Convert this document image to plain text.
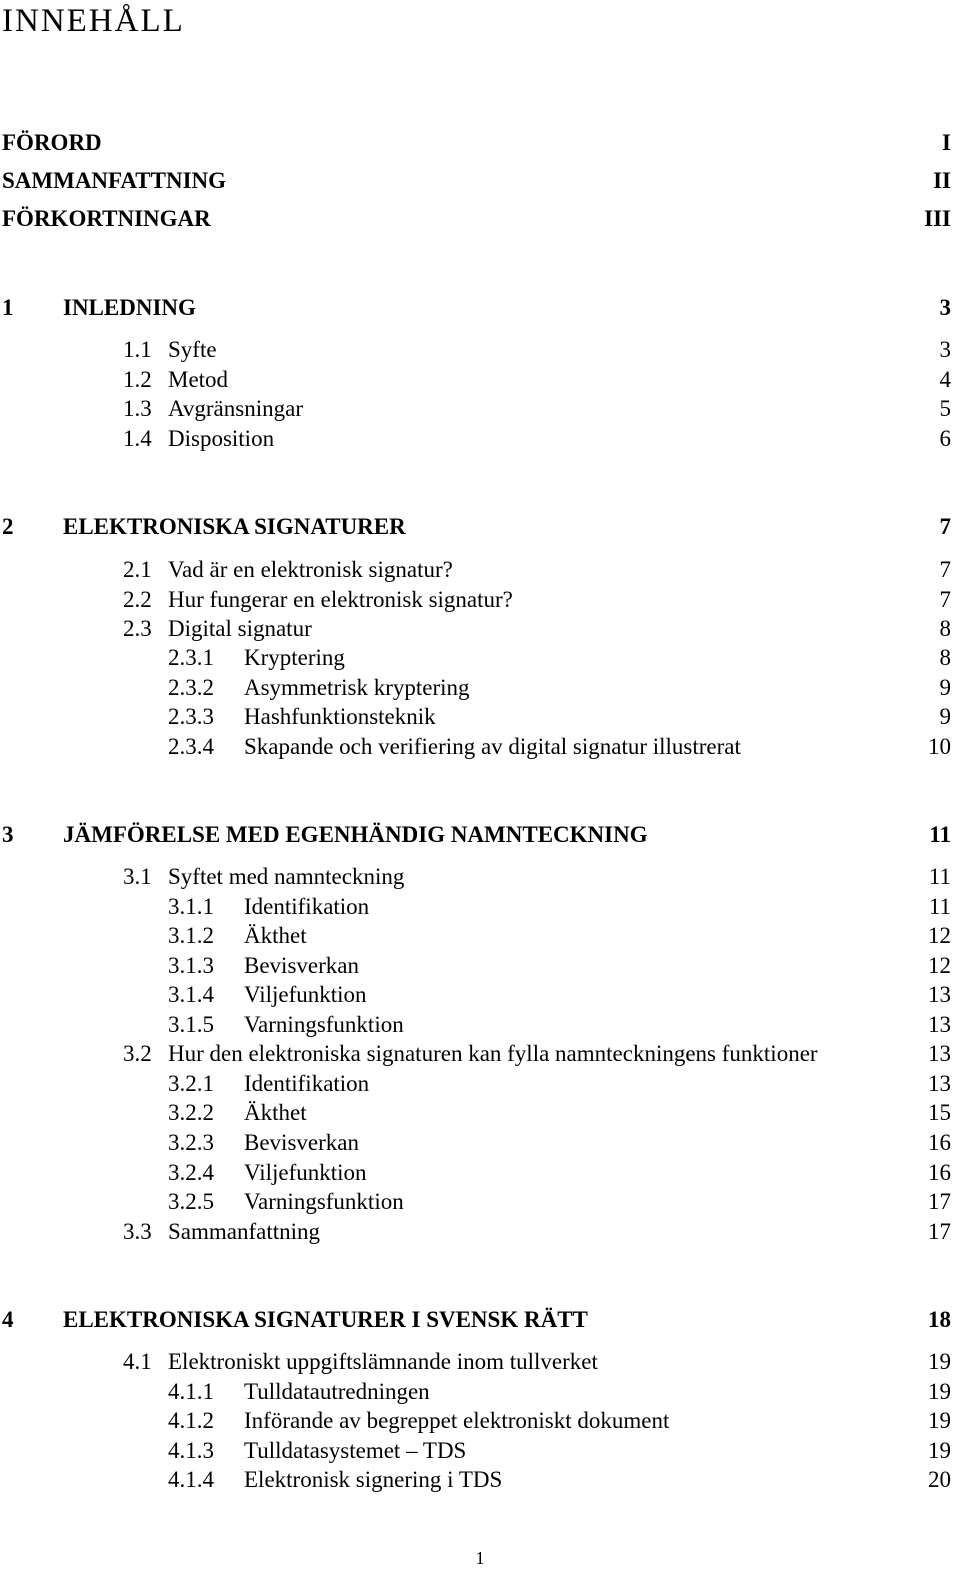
INNEHÅLL
FÖRORD	I
SAMMANFATTNING	II
FÖRKORTNINGAR	III
1 INLEDNING	3
1.1 Syfte	3
1.2 Metod	4
1.3 Avgränsningar	5
1.4 Disposition	6
2 ELEKTRONISKA SIGNATURER	7
2.1 Vad är en elektronisk signatur?	7
2.2 Hur fungerar en elektronisk signatur?	7
2.3 Digital signatur	8
2.3.1 Kryptering	8
2.3.2 Asymmetrisk kryptering	9
2.3.3 Hashfunktionsteknik	9
2.3.4 Skapande och verifiering av digital signatur illustrerat	10
3 JÄMFÖRELSE MED EGENHÄNDIG NAMNTECKNING	11
3.1 Syftet med namnteckning	11
3.1.1 Identifikation	11
3.1.2 Äkthet	12
3.1.3 Bevisverkan	12
3.1.4 Viljefunktion	13
3.1.5 Varningsfunktion	13
3.2 Hur den elektroniska signaturen kan fylla namnteckningens funktioner	13
3.2.1 Identifikation	13
3.2.2 Äkthet	15
3.2.3 Bevisverkan	16
3.2.4 Viljefunktion	16
3.2.5 Varningsfunktion	17
3.3 Sammanfattning	17
4 ELEKTRONISKA SIGNATURER I SVENSK RÄTT	18
4.1 Elektroniskt uppgiftslämnande inom tullverket	19
4.1.1 Tulldatautredningen	19
4.1.2 Införande av begreppet elektroniskt dokument	19
4.1.3 Tulldatasystemet – TDS	19
4.1.4 Elektronisk signering i TDS	20
1
